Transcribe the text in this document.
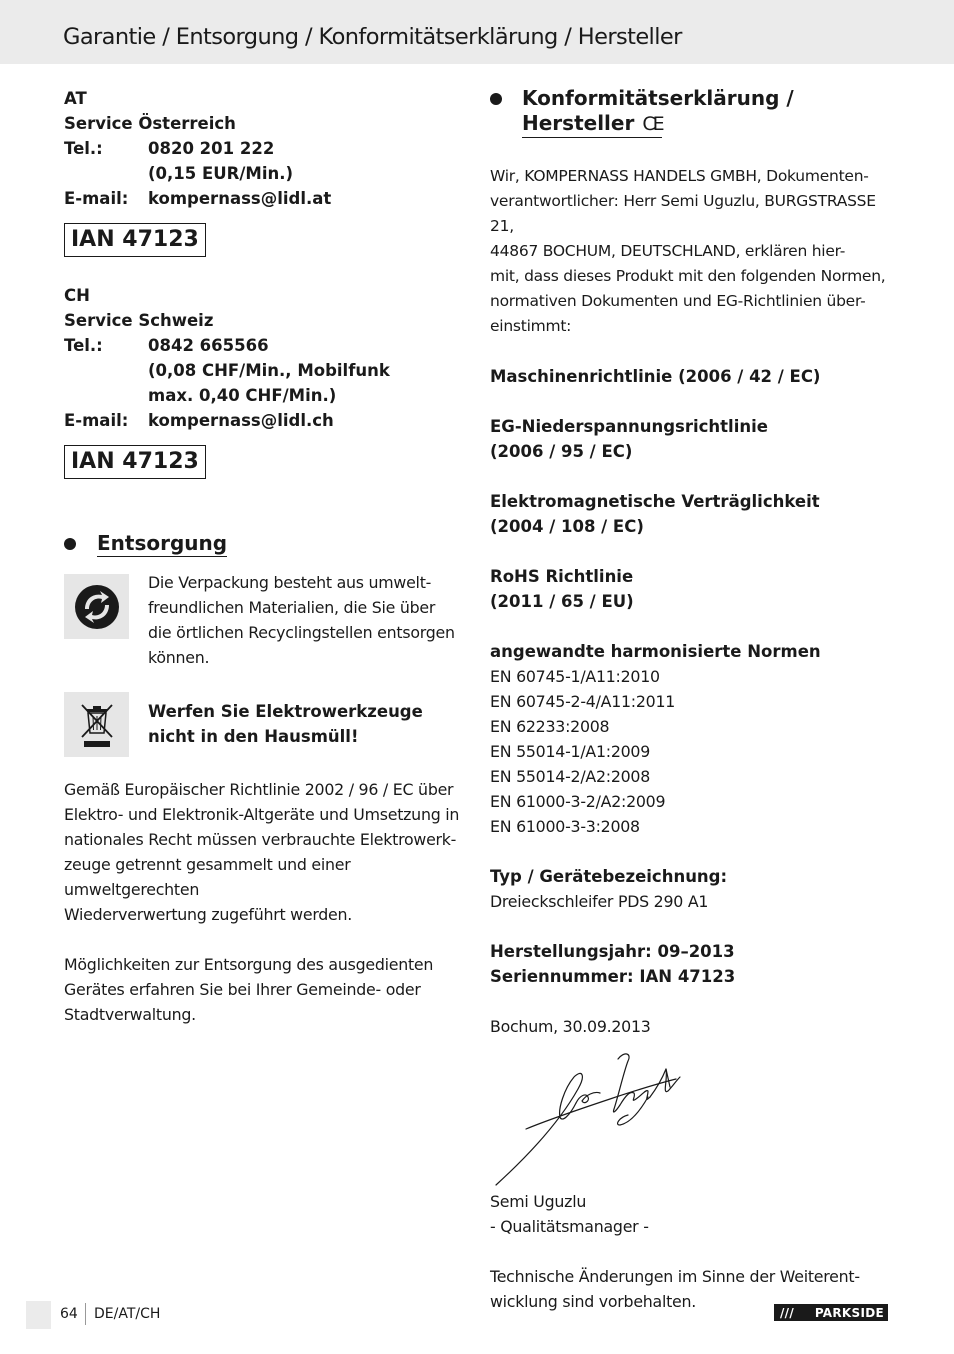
Garantie / Entsorgung / Konformitätserklärung / Hersteller
AT
Service Österreich
Tel.:	0820 201 222
(0,15 EUR/Min.)
E-mail:	kompernass@lidl.at
IAN 47123
CH
Service Schweiz
Tel.:	0842 665566
(0,08 CHF/Min., Mobilfunk
max. 0,40 CHF/Min.)
E-mail:	kompernass@lidl.ch
IAN 47123
Entsorgung
Die Verpackung besteht aus umwelt-
freundlichen Materialien, die Sie über
die örtlichen Recyclingstellen entsorgen
können.
Werfen Sie Elektrowerkzeuge
nicht in den Hausmüll!
Gemäß Europäischer Richtlinie 2002 / 96 / EC über
Elektro- und Elektronik-Altgeräte und Umsetzung in
nationales Recht müssen verbrauchte Elektrowerk-
zeuge getrennt gesammelt und einer umweltgerechten
Wiederverwertung zugeführt werden.
Möglichkeiten zur Entsorgung des ausgedienten
Gerätes erfahren Sie bei Ihrer Gemeinde- oder
Stadtverwaltung.
Konformitätserklärung /
Hersteller CE
Wir, KOMPERNASS HANDELS GMBH, Dokumenten-
verantwortlicher: Herr Semi Uguzlu, BURGSTRASSE 21,
44867 BOCHUM, DEUTSCHLAND, erklären hier-
mit, dass dieses Produkt mit den folgenden Normen,
normativen Dokumenten und EG-Richtlinien über-
einstimmt:
Maschinenrichtlinie (2006 / 42 / EC)
EG-Niederspannungsrichtlinie
(2006 / 95 / EC)
Elektromagnetische Verträglichkeit
(2004 / 108 / EC)
RoHS Richtlinie
(2011 / 65 / EU)
angewandte harmonisierte Normen
EN 60745-1/A11:2010
EN 60745-2-4/A11:2011
EN 62233:2008
EN 55014-1/A1:2009
EN 55014-2/A2:2008
EN 61000-3-2/A2:2009
EN 61000-3-3:2008
Typ / Gerätebezeichnung:
Dreieckschleifer PDS 290 A1
Herstellungsjahr: 09–2013
Seriennummer: IAN 47123
Bochum, 30.09.2013
Semi Uguzlu
- Qualitätsmanager -
Technische Änderungen im Sinne der Weiterent-
wicklung sind vorbehalten.
64 DE/AT/CH	/// PARKSIDE
